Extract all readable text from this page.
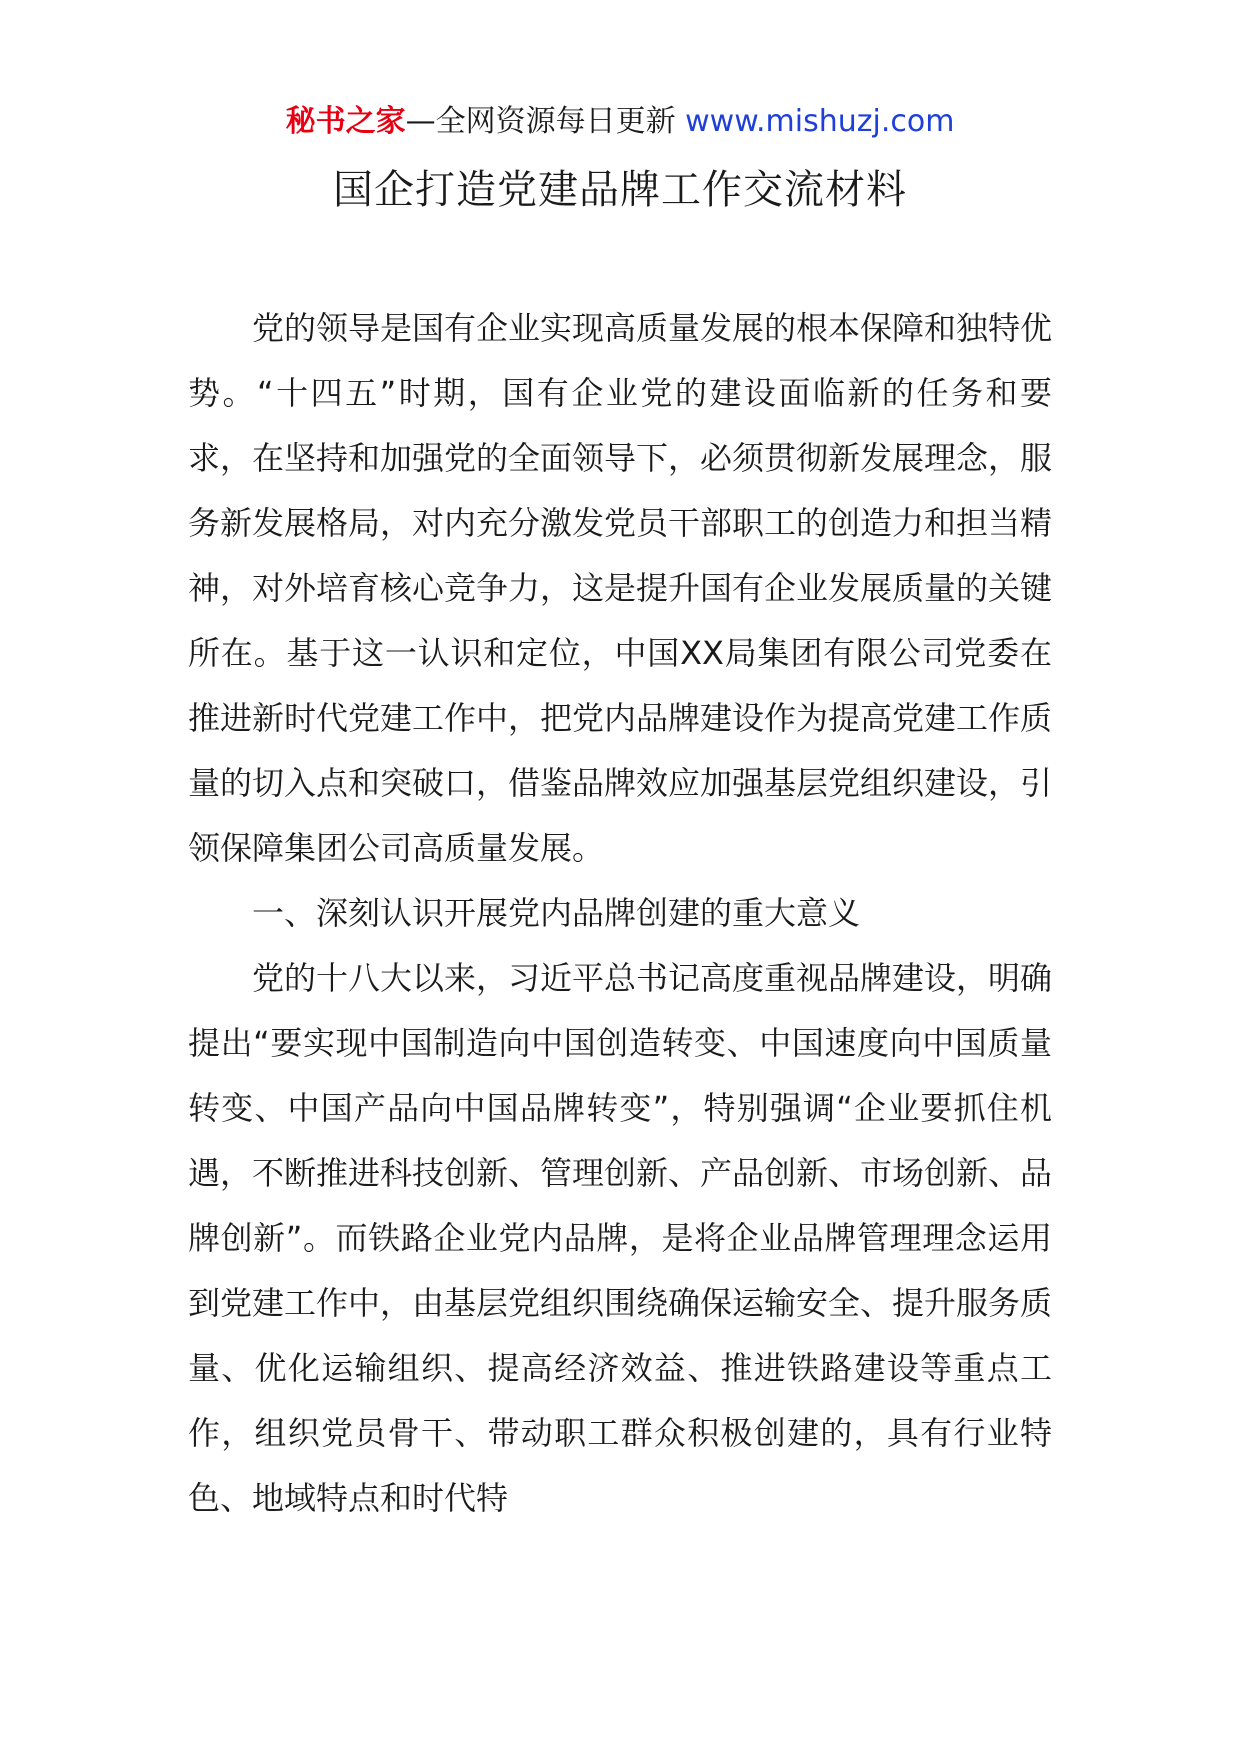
秘书之家—全网资源每日更新 www.mishuzj.com
国企打造党建品牌工作交流材料

党的领导是国有企业实现高质量发展的根本保障和独特优势。“十四五”时期，国有企业党的建设面临新的任务和要求，在坚持和加强党的全面领导下，必须贯彻新发展理念，服务新发展格局，对内充分激发党员干部职工的创造力和担当精神，对外培育核心竞争力，这是提升国有企业发展质量的关键所在。基于这一认识和定位，中国XX局集团有限公司党委在推进新时代党建工作中，把党内品牌建设作为提高党建工作质量的切入点和突破口，借鉴品牌效应加强基层党组织建设，引领保障集团公司高质量发展。

一、深刻认识开展党内品牌创建的重大意义

党的十八大以来，习近平总书记高度重视品牌建设，明确提出“要实现中国制造向中国创造转变、中国速度向中国质量转变、中国产品向中国品牌转变”，特别强调“企业要抓住机遇，不断推进科技创新、管理创新、产品创新、市场创新、品牌创新”。而铁路企业党内品牌，是将企业品牌管理理念运用到党建工作中，由基层党组织围绕确保运输安全、提升服务质量、优化运输组织、提高经济效益、推进铁路建设等重点工作，组织党员骨干、带动职工群众积极创建的，具有行业特色、地域特点和时代特
